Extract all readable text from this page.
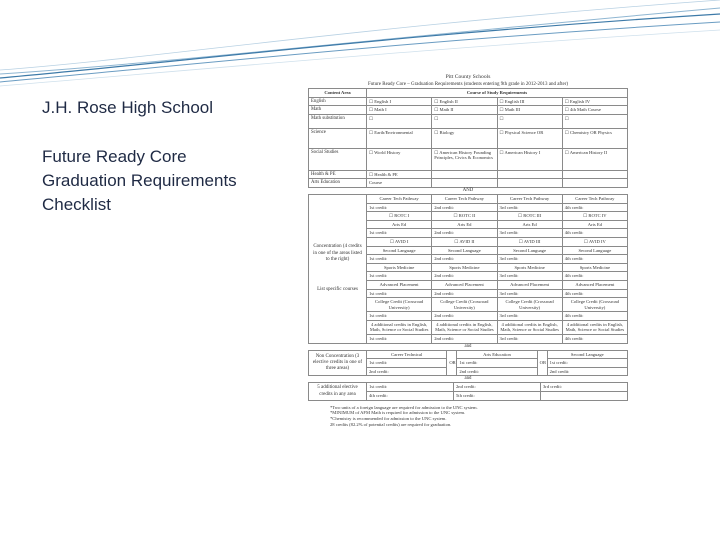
J.H. Rose High School
Future Ready Core
Graduation Requirements
Checklist
Pitt County Schools
Future Ready Core – Graduation Requirements (students entering 9th grade in 2012-2013 and after)
Content Area	Course of Study Requirements			
English	☐ English I	☐ English II	☐ English III	☐ English IV
Math	☐ Math I	☐ Math II	☐ Math III	☐ 4th Math Course
Math substitution	☐	☐	☐	☐
Science	☐ Earth/Environmental	☐ Biology	☐ Physical Science OR	☐ Chemistry OR Physics
Social Studies	☐ World History	☐ American History Founding Principles, Civics & Economics	☐ American History I	☐ American History II
Health & PE	☐ Health & PE			
Arts Education	Course			
AND
Concentration (4 credits in one of the areas listed to the right)
List specific courses	Career Tech Pathway	Career Tech Pathway	Career Tech Pathway	Career Tech Pathway
	1st credit:	2nd credit:	3rd credit:	4th credit:
	☐ ROTC I	☐ ROTC II	☐ ROTC III	☐ ROTC IV
	Arts Ed	Arts Ed	Arts Ed	Arts Ed
	1st credit:	2nd credit:	3rd credit:	4th credit:
	☐ AVID I	☐ AVID II	☐ AVID III	☐ AVID IV
	Second Language	Second Language	Second Language	Second Language
	1st credit:	2nd credit:	3rd credit:	4th credit:
	Sports Medicine	Sports Medicine	Sports Medicine	Sports Medicine
	1st credit:	2nd credit:	3rd credit:	4th credit:
	Advanced Placement	Advanced Placement	Advanced Placement	Advanced Placement
	1st credit:	2nd credit:	3rd credit:	4th credit:
	College Credit (Crossroad University)	College Credit (Crossroad University)	College Credit (Crossroad University)	College Credit (Crossroad University)
	1st credit:	2nd credit:	3rd credit:	4th credit:
	4 additional credits in English, Math, Science or Social Studies	4 additional credits in English, Math, Science or Social Studies	4 additional credits in English, Math, Science or Social Studies	4 additional credits in English, Math, Science or Social Studies
	1st credit:	2nd credit:	3rd credit:	4th credit:
and
Non Concentration (3 elective credits in one of three areas)	Career Technical	OR	Arts Education	OR	Second Language
	1st credit:		1st credit:		1st credit:
	2nd credit:		2nd credit:		2nd credit:
and
5 additional elective credits in any area	1st credit:	2nd credit:	3rd credit:
	4th credit:	5th credit:	
*Two units of a foreign language are required for admission to the UNC system.
*MINIMUM of AFM Math is required for admission to the UNC system.
*Chemistry is recommended for admission to the UNC system.
28 credits (82.2% of potential credits) are required for graduation.
